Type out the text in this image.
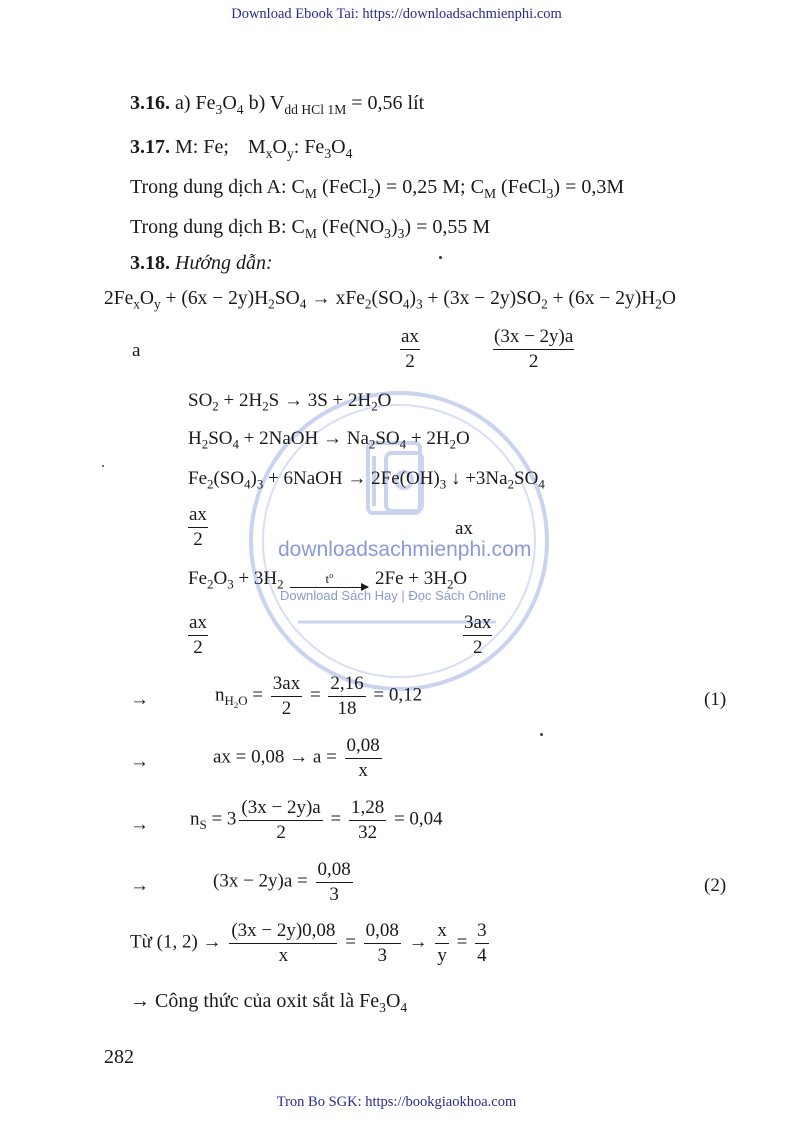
Download Ebook Tai: https://downloadsachmienphi.com
Tron Bo SGK: https://bookgiaokhoa.com
downloadsachmienphi.com
Download Sách Hay | Đọc Sách Online
3.16. a) $Fe_3O_4$ b) $V_{dd HCl 1M} = 0,56$ lít
3.17. M: Fe; $M_xO_y$: $Fe_3O_4$
Trong dung dịch A: $C_M$ (FeCl$_2$) = 0,25 M; $C_M$ (FeCl$_3$) = 0,3M
Trong dung dịch B: $C_M$ $(Fe(NO_3)_3) = 0,55$ M
3.18. Hướng dẫn:
$2Fe_xO_y + (6x - 2y)H_2SO_4 \to xFe_2(SO_4)_3 + (3x - 2y)SO_2 + (6x - 2y)H_2O$
a	$\frac{ax}{2}$	$\frac{(3x - 2y)a}{2}$
$SO_2 + 2H_2S \to 3S + 2H_2O$
$H_2SO_4$ + 2NaOH → $Na_2SO_4 + 2H_2O$
$Fe_2(SO_4)_3$ + 6NaOH → $2Fe(OH)_3$ ↓ $+3Na_2SO_4$
$\frac{ax}{2}$	ax
$Fe_2O_3 + 3H_2$	$t^o$ $2Fe + 3H_2O$
$\frac{ax}{2}$	$\frac{3ax}{2}$
→	$n_{H_2O} = \frac{3ax}{2} = \frac{2,16}{18} = 0,12$	(1)
→	ax = $0,08 \to a = \frac{0,08}{x}$
→ $n_S = 3 \frac{(3x - 2y)a}{2} = \frac{1,28}{32} = 0,04$
→	$(3x - 2y)a = \frac{0,08}{3}$	(2)
Từ (1, $2) \to \frac{(3x - 2y)0,08}{x} = \frac{0,08}{3} \to \frac{x}{y} = \frac{3}{4}$
→ Công thức của oxit sắt là $Fe_3O_4$
282
